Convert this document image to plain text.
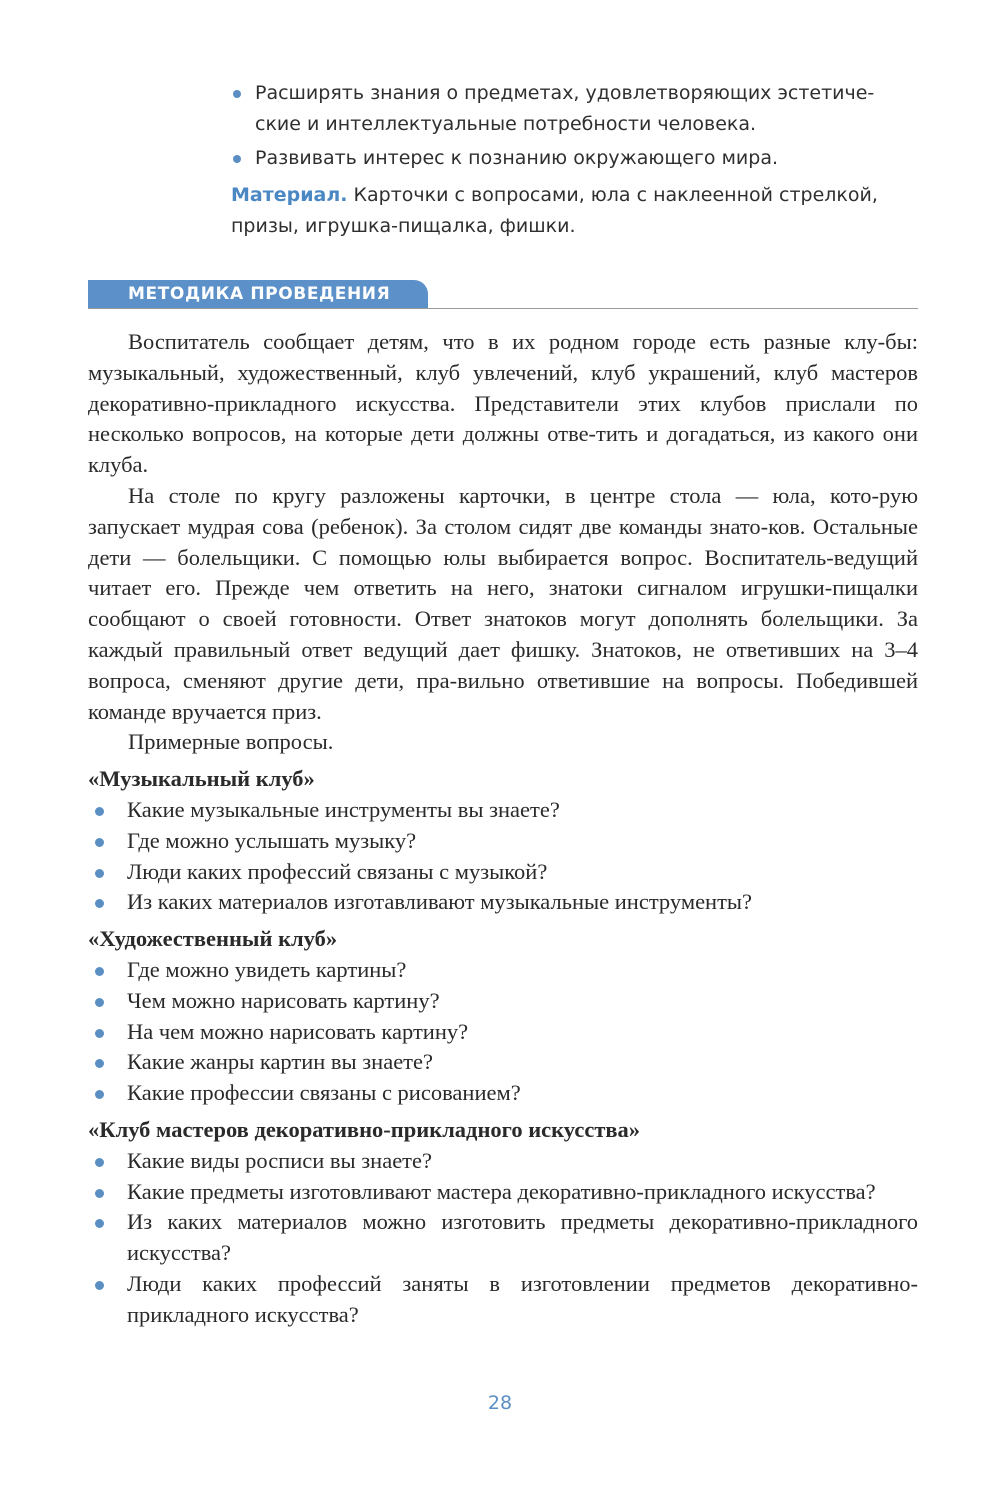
Расширять знания о предметах, удовлетворяющих эстетиче-ские и интеллектуальные потребности человека.
Развивать интерес к познанию окружающего мира.
Материал. Карточки с вопросами, юла с наклеенной стрелкой, призы, игрушка-пищалка, фишки.
МЕТОДИКА ПРОВЕДЕНИЯ

Воспитатель сообщает детям, что в их родном городе есть разные клу-бы: музыкальный, художественный, клуб увлечений, клуб украшений, клуб мастеров декоративно-прикладного искусства. Представители этих клубов прислали по несколько вопросов, на которые дети должны отве-тить и догадаться, из какого они клуба.

На столе по кругу разложены карточки, в центре стола — юла, кото-рую запускает мудрая сова (ребенок). За столом сидят две команды знато-ков. Остальные дети — болельщики. С помощью юлы выбирается вопрос. Воспитатель-ведущий читает его. Прежде чем ответить на него, знатоки сигналом игрушки-пищалки сообщают о своей готовности. Ответ знатоков могут дополнять болельщики. За каждый правильный ответ ведущий дает фишку. Знатоков, не ответивших на 3–4 вопроса, сменяют другие дети, пра-вильно ответившие на вопросы. Победившей команде вручается приз.

Примерные вопросы.

«Музыкальный клуб»
Какие музыкальные инструменты вы знаете?
Где можно услышать музыку?
Люди каких профессий связаны с музыкой?
Из каких материалов изготавливают музыкальные инструменты?
«Художественный клуб»
Где можно увидеть картины?
Чем можно нарисовать картину?
На чем можно нарисовать картину?
Какие жанры картин вы знаете?
Какие профессии связаны с рисованием?
«Клуб мастеров декоративно-прикладного искусства»
Какие виды росписи вы знаете?
Какие предметы изготовливают мастера декоративно-прикладного искусства?
Из каких материалов можно изготовить предметы декоративно-прикладного искусства?
Люди каких профессий заняты в изготовлении предметов декоративно-прикладного искусства?
28
